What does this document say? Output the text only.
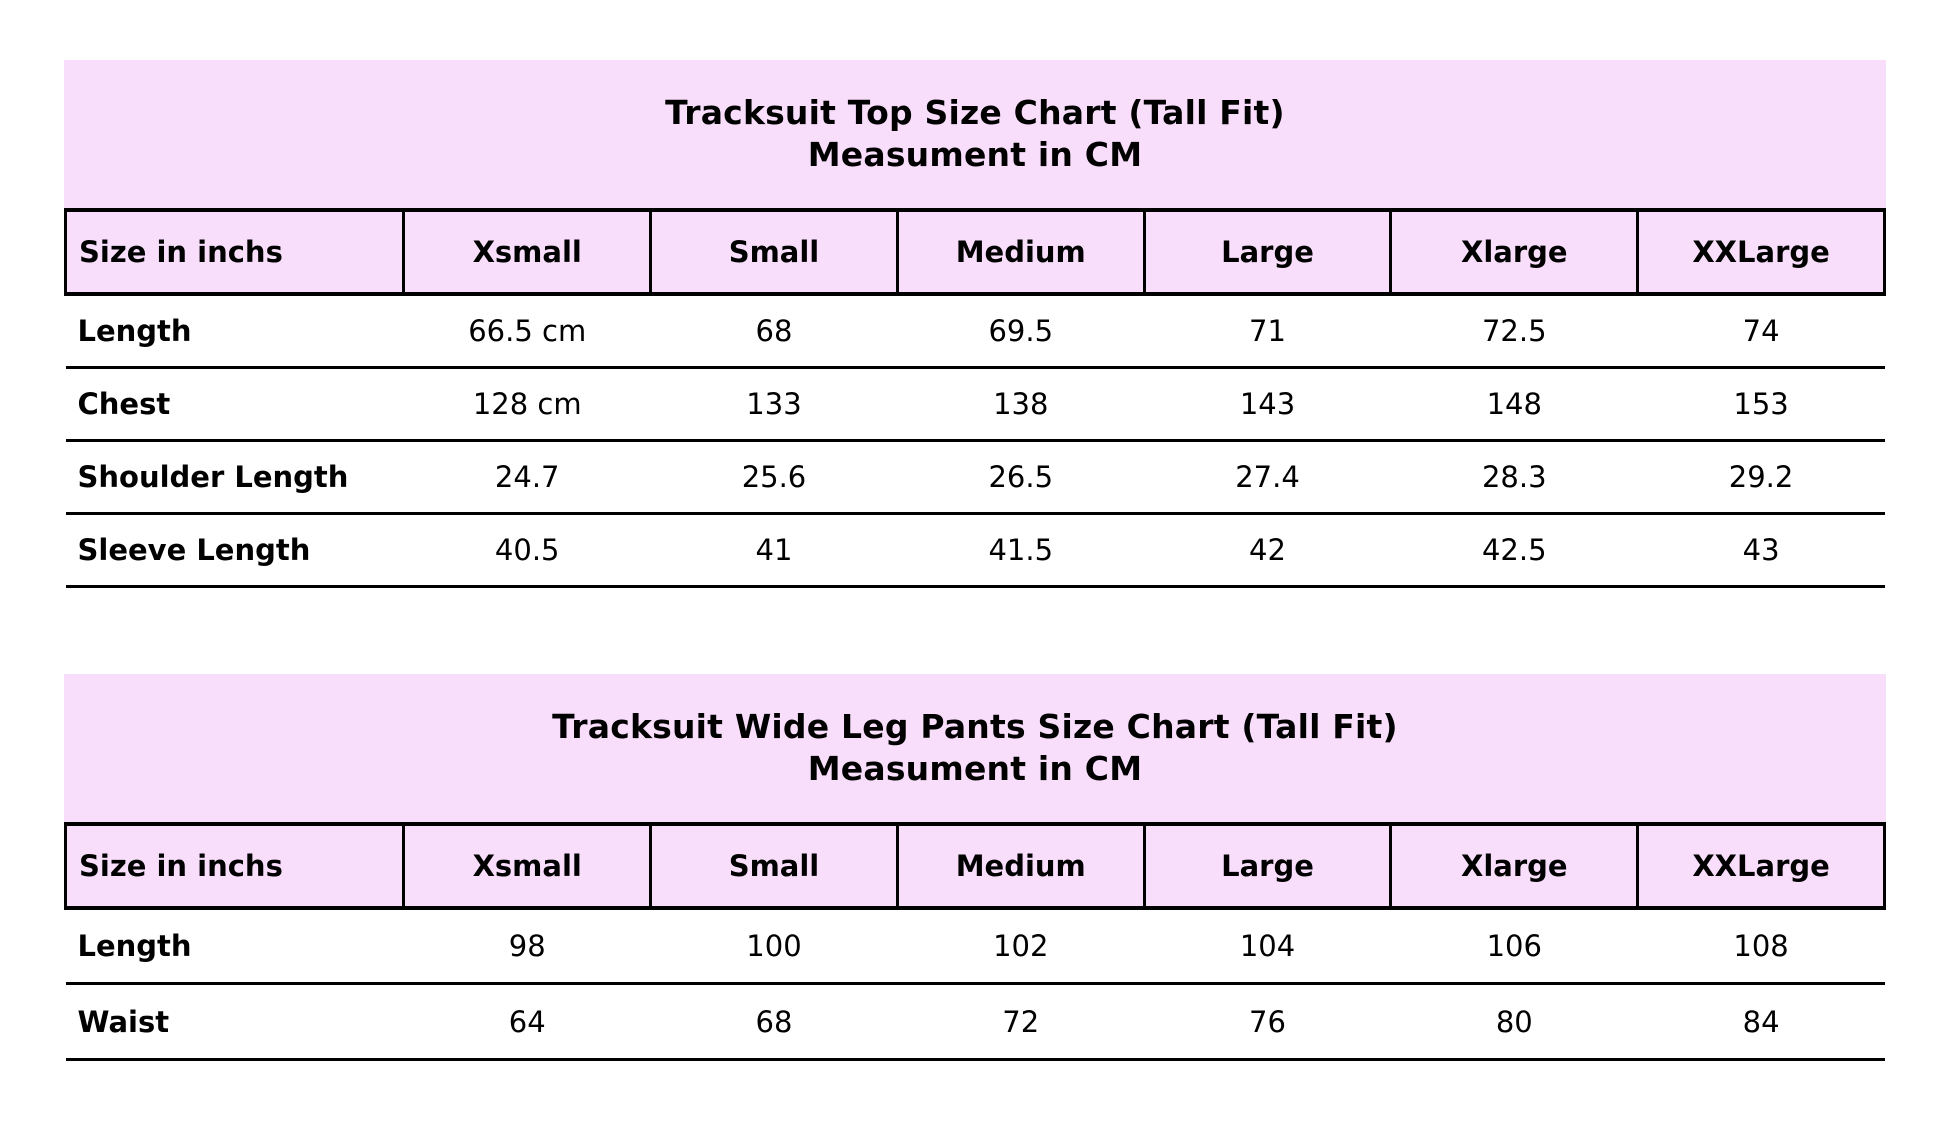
Tracksuit Top Size Chart (Tall Fit)
Measument in CM
Size in inchs	Xsmall	Small	Medium	Large	Xlarge	XXLarge
Length	66.5 cm	68	69.5	71	72.5	74
Chest	128 cm	133	138	143	148	153
Shoulder Length	24.7	25.6	26.5	27.4	28.3	29.2
Sleeve Length	40.5	41	41.5	42	42.5	43
Tracksuit Wide Leg Pants Size Chart (Tall Fit)
Measument in CM
Size in inchs	Xsmall	Small	Medium	Large	Xlarge	XXLarge
Length	98	100	102	104	106	108
Waist	64	68	72	76	80	84
